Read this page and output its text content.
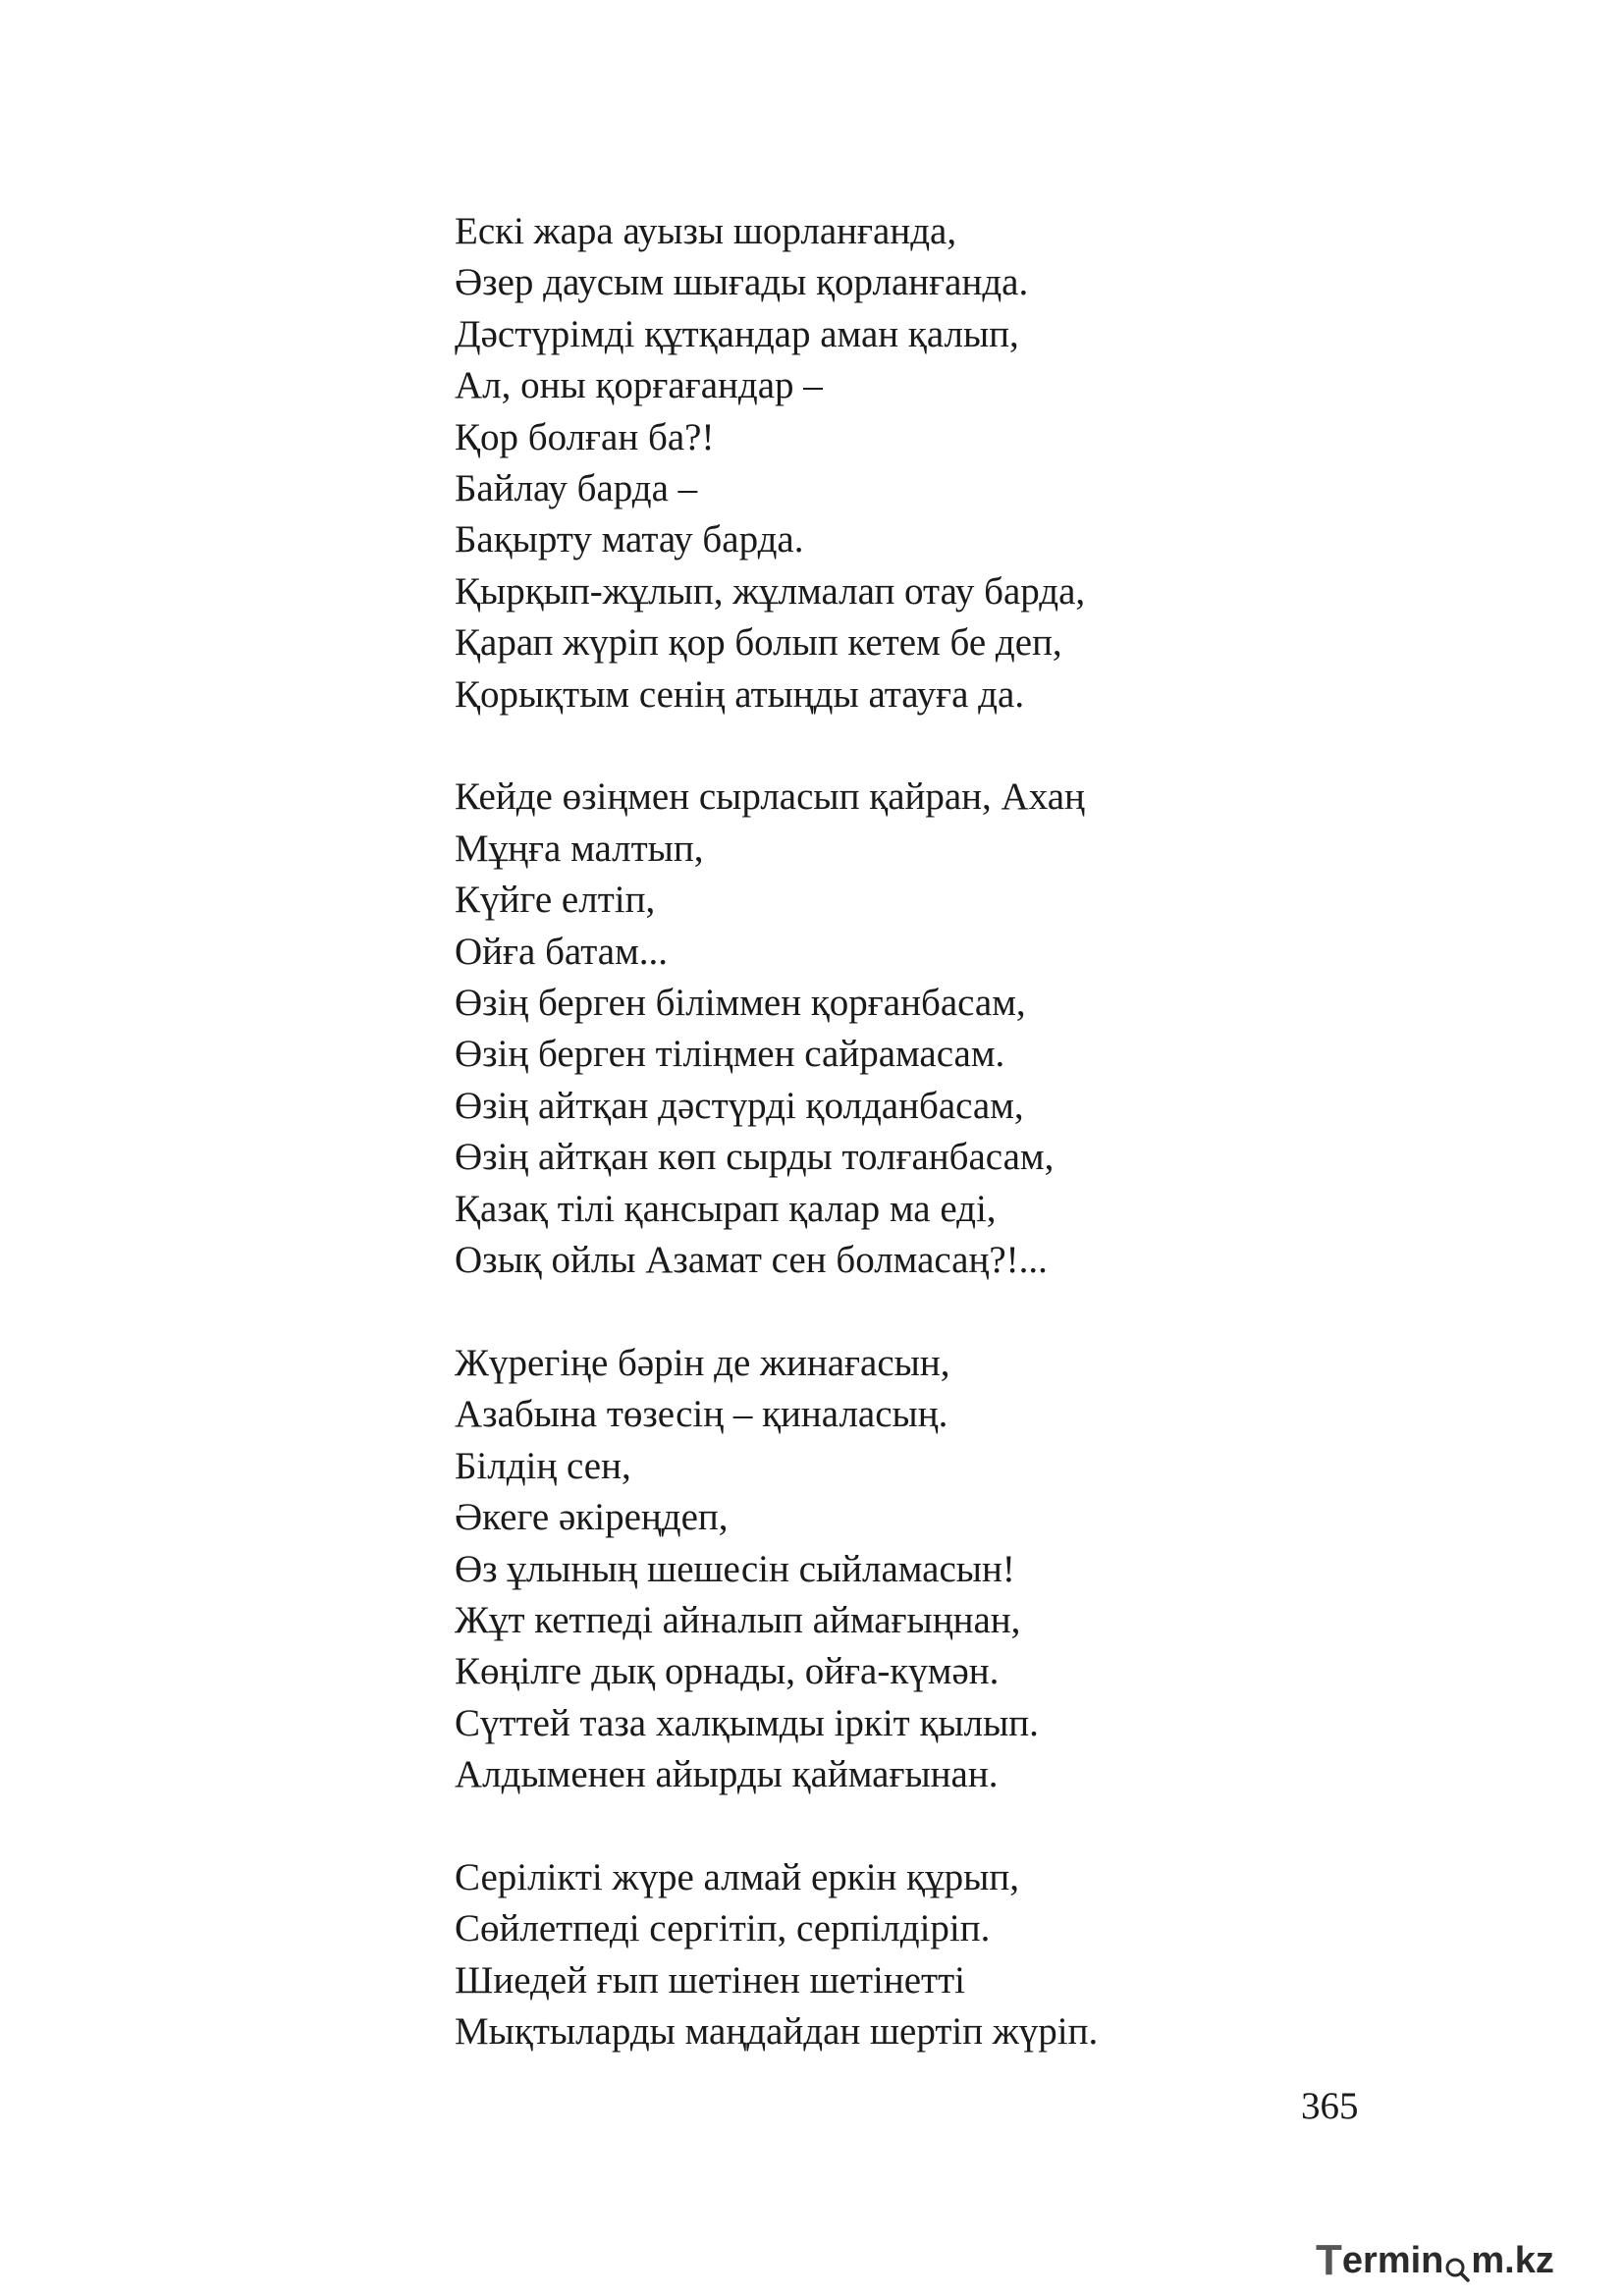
Ескі жара ауызы шорланғанда,
Әзер даусым шығады қорланғанда.
Дәстүрімді құтқандар аман қалып,
Ал, оны қорғағандар –
Қор болған ба?!
Байлау барда –
Бақырту матау барда.
Қырқып-жұлып, жұлмалап отау барда,
Қарап жүріп қор болып кетем бе деп,
Қорықтым сенің атыңды атауға да.
Кейде өзіңмен сырласып қайран, Ахаң
Мұңға малтып,
Күйге елтіп,
Ойға батам...
Өзің берген біліммен қорғанбасам,
Өзің берген тіліңмен сайрамасам.
Өзің айтқан дәстүрді қолданбасам,
Өзің айтқан көп сырды толғанбасам,
Қазақ тілі қансырап қалар ма еді,
Озық ойлы Азамат сен болмасаң?!...
Жүрегіңе бәрін де жинағасын,
Азабына төзесің – қиналасың.
Білдің сен,
Әкеге әкіреңдеп,
Өз ұлының шешесін сыйламасын!
Жұт кетпеді айналып аймағыңнан,
Көңілге дық орнады, ойға-күмән.
Сүттей таза халқымды іркіт қылып.
Алдыменен айырды қаймағынан.
Серілікті жүре алмай еркін құрып,
Сөйлетпеді сергітіп, серпілдіріп.
Шиедей ғып шетінен шетінетті
Мықтыларды маңдайдан шертіп жүріп.
365
T ermin m.kz
